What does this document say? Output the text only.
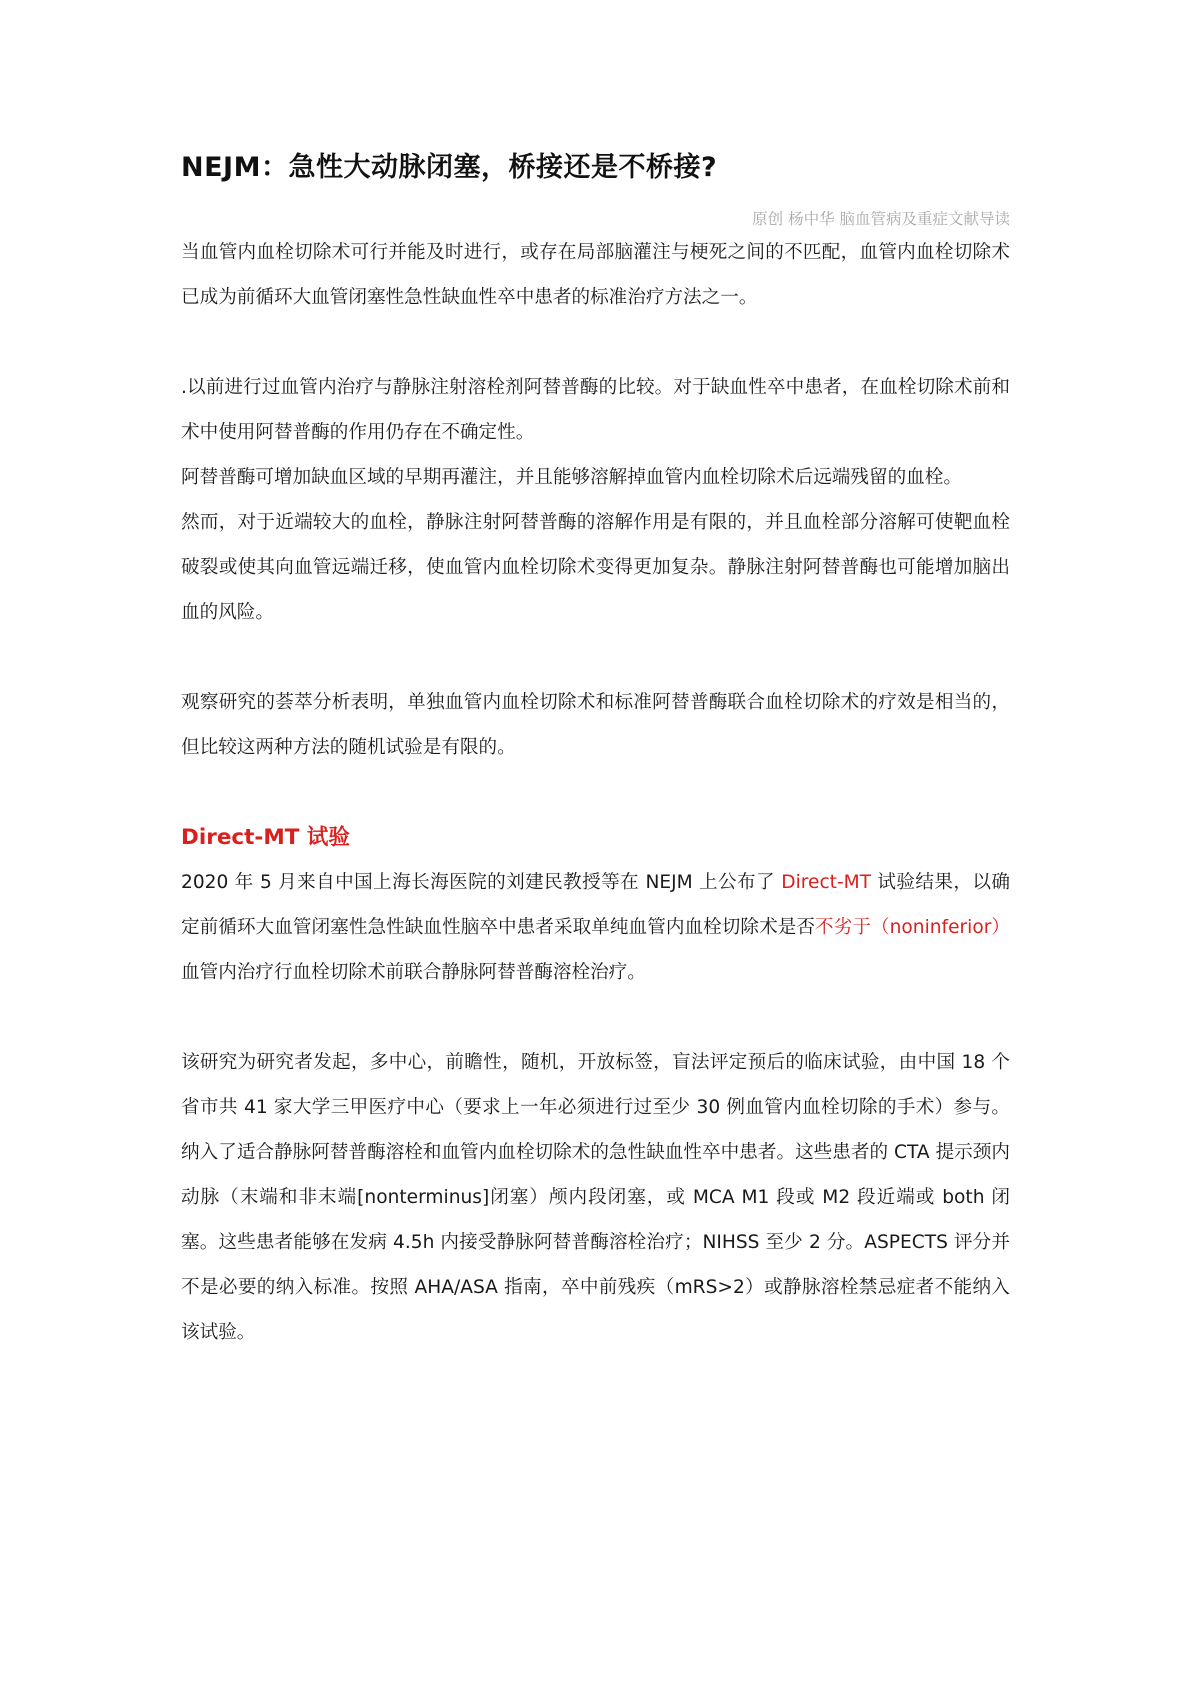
NEJM：急性大动脉闭塞，桥接还是不桥接?
原创 杨中华 脑血管病及重症文献导读

当血管内血栓切除术可行并能及时进行，或存在局部脑灌注与梗死之间的不匹配，血管内血栓切除术已成为前循环大血管闭塞性急性缺血性卒中患者的标准治疗方法之一。

.以前进行过血管内治疗与静脉注射溶栓剂阿替普酶的比较。对于缺血性卒中患者，在血栓切除术前和术中使用阿替普酶的作用仍存在不确定性。

阿替普酶可增加缺血区域的早期再灌注，并且能够溶解掉血管内血栓切除术后远端残留的血栓。

然而，对于近端较大的血栓，静脉注射阿替普酶的溶解作用是有限的，并且血栓部分溶解可使靶血栓破裂或使其向血管远端迁移，使血管内血栓切除术变得更加复杂。静脉注射阿替普酶也可能增加脑出血的风险。

观察研究的荟萃分析表明，单独血管内血栓切除术和标准阿替普酶联合血栓切除术的疗效是相当的，但比较这两种方法的随机试验是有限的。

Direct-MT 试验

2020 年 5 月来自中国上海长海医院的刘建民教授等在 NEJM 上公布了 Direct-MT 试验结果，以确定前循环大血管闭塞性急性缺血性脑卒中患者采取单纯血管内血栓切除术是否不劣于（noninferior）血管内治疗行血栓切除术前联合静脉阿替普酶溶栓治疗。

该研究为研究者发起，多中心，前瞻性，随机，开放标签，盲法评定预后的临床试验，由中国 18 个省市共 41 家大学三甲医疗中心（要求上一年必须进行过至少 30 例血管内血栓切除的手术）参与。纳入了适合静脉阿替普酶溶栓和血管内血栓切除术的急性缺血性卒中患者。这些患者的 CTA 提示颈内动脉（末端和非末端[nonterminus]闭塞）颅内段闭塞，或 MCA M1 段或 M2 段近端或 both 闭塞。这些患者能够在发病 4.5h 内接受静脉阿替普酶溶栓治疗；NIHSS 至少 2 分。ASPECTS 评分并不是必要的纳入标准。按照 AHA/ASA 指南，卒中前残疾（mRS>2）或静脉溶栓禁忌症者不能纳入该试验。
